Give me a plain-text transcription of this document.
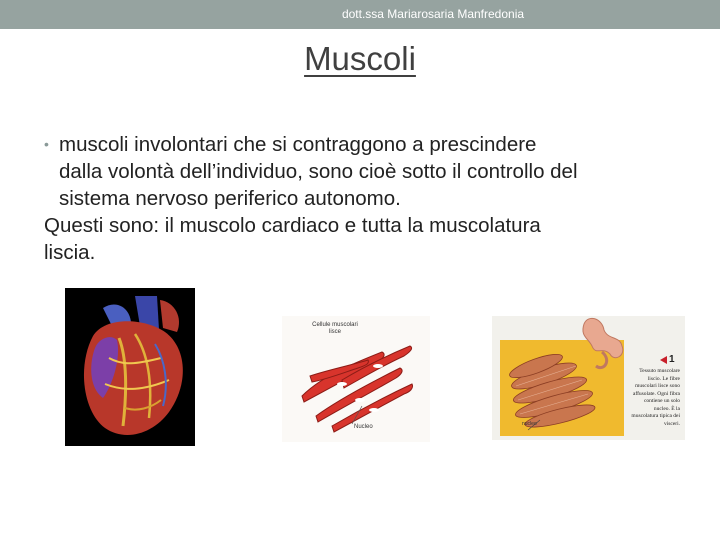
dott.ssa Mariarosaria Manfredonia
Muscoli
• muscoli involontari che si contraggono a prescindere
dalla volontà dell’individuo, sono cioè sotto il controllo del
sistema nervoso periferico autonomo.
Questi sono: il muscolo cardiaco e tutta la muscolatura
liscia.
Cellule muscolari lisce
Nucleo
1
Tessuto muscolare liscio. Le fibre muscolari lisce sono affusolate. Ogni fibra contiene un solo nucleo. È la muscolatura tipica dei visceri.
nucleo
